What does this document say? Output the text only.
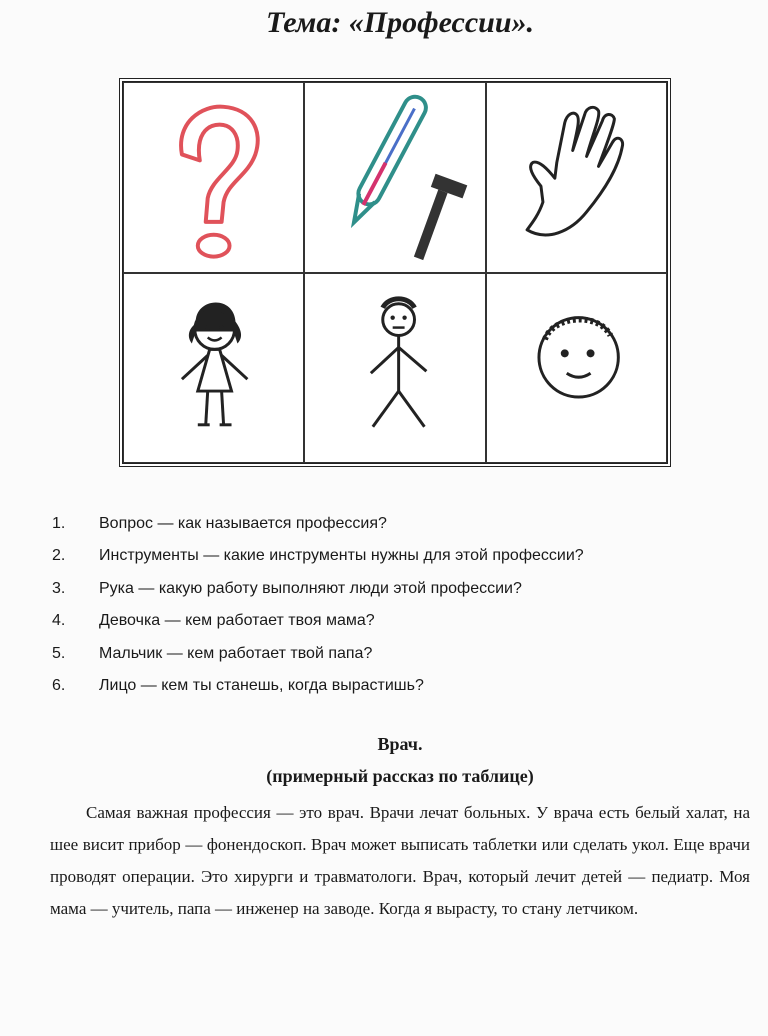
Тема: «Профессии».
1.	Вопрос — как называется профессия?
2.	Инструменты — какие инструменты нужны для этой профессии?
3.	Рука — какую работу выполняют люди этой профессии?
4.	Девочка — кем работает твоя мама?
5.	Мальчик — кем работает твой папа?
6.	Лицо — кем ты станешь, когда вырастишь?
Врач.
(примерный рассказ по таблице)

Самая важная профессия — это врач. Врачи лечат больных. У врача есть белый халат, на шее висит прибор — фонендоскоп. Врач может выписать таблетки или сделать укол. Еще врачи проводят операции. Это хирурги и травматологи. Врач, который лечит детей — педиатр. Моя мама — учитель, папа — инженер на заводе. Когда я вырасту, то стану летчиком.
